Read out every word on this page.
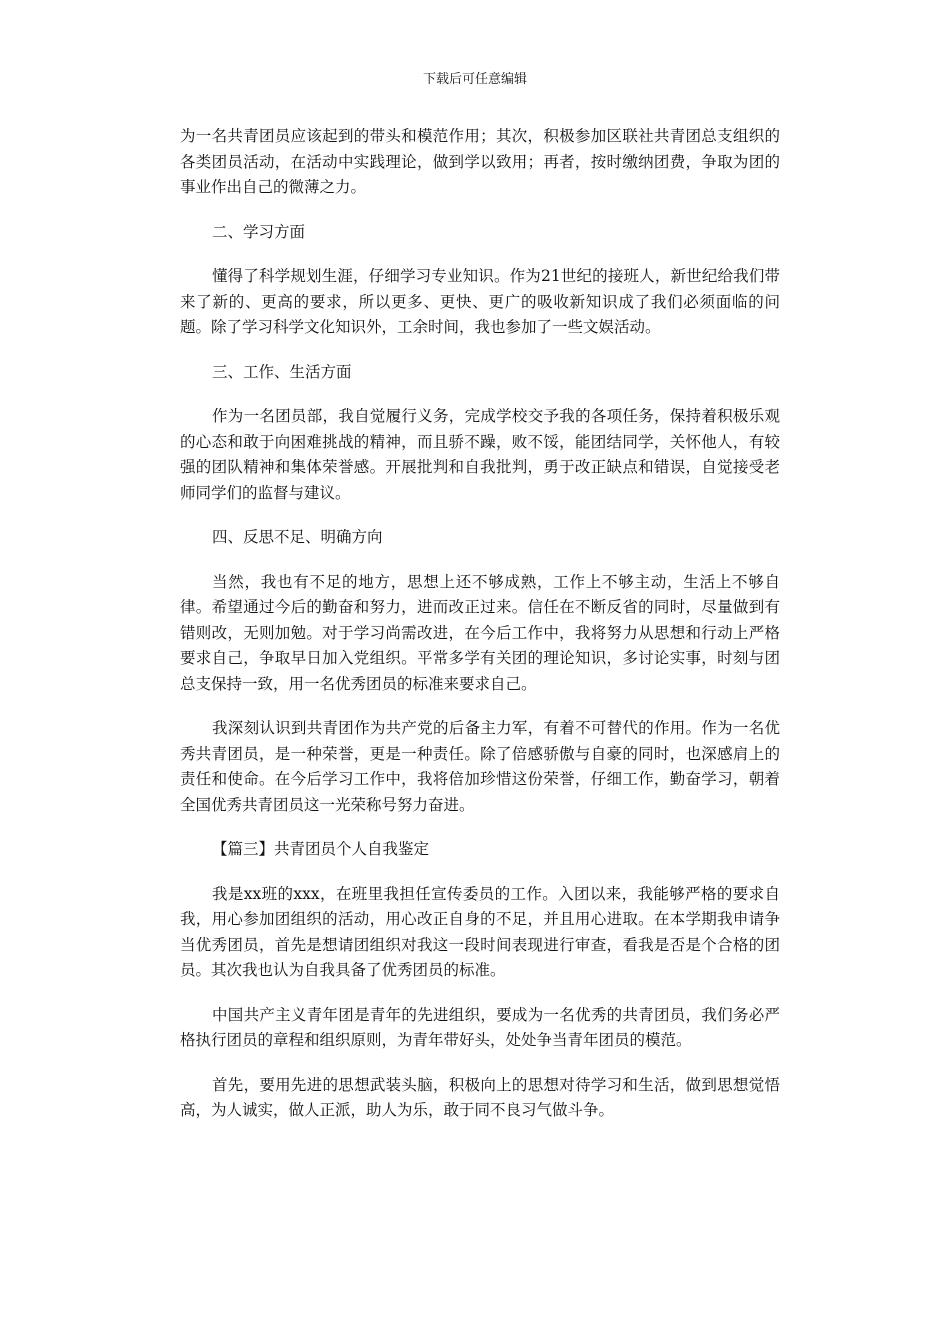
下载后可任意编辑

为一名共青团员应该起到的带头和模范作用；其次，积极参加区联社共青团总支组织的各类团员活动，在活动中实践理论，做到学以致用；再者，按时缴纳团费，争取为团的事业作出自己的微薄之力。

二、学习方面

懂得了科学规划生涯，仔细学习专业知识。作为21世纪的接班人，新世纪给我们带来了新的、更高的要求，所以更多、更快、更广的吸收新知识成了我们必须面临的问题。除了学习科学文化知识外，工余时间，我也参加了一些文娱活动。

三、工作、生活方面

作为一名团员部，我自觉履行义务，完成学校交予我的各项任务，保持着积极乐观的心态和敢于向困难挑战的精神，而且骄不躁，败不馁，能团结同学，关怀他人，有较强的团队精神和集体荣誉感。开展批判和自我批判，勇于改正缺点和错误，自觉接受老师同学们的监督与建议。

四、反思不足、明确方向

当然，我也有不足的地方，思想上还不够成熟，工作上不够主动，生活上不够自律。希望通过今后的勤奋和努力，进而改正过来。信任在不断反省的同时，尽量做到有错则改，无则加勉。对于学习尚需改进，在今后工作中，我将努力从思想和行动上严格要求自己，争取早日加入党组织。平常多学有关团的理论知识，多讨论实事，时刻与团总支保持一致，用一名优秀团员的标准来要求自己。

我深刻认识到共青团作为共产党的后备主力军，有着不可替代的作用。作为一名优秀共青团员，是一种荣誉，更是一种责任。除了倍感骄傲与自豪的同时，也深感肩上的责任和使命。在今后学习工作中，我将倍加珍惜这份荣誉，仔细工作，勤奋学习，朝着全国优秀共青团员这一光荣称号努力奋进。

【篇三】共青团员个人自我鉴定

我是xx班的xxx，在班里我担任宣传委员的工作。入团以来，我能够严格的要求自我，用心参加团组织的活动，用心改正自身的不足，并且用心进取。在本学期我申请争当优秀团员，首先是想请团组织对我这一段时间表现进行审查，看我是否是个合格的团员。其次我也认为自我具备了优秀团员的标准。

中国共产主义青年团是青年的先进组织，要成为一名优秀的共青团员，我们务必严格执行团员的章程和组织原则，为青年带好头，处处争当青年团员的模范。

首先，要用先进的思想武装头脑，积极向上的思想对待学习和生活，做到思想觉悟高，为人诚实，做人正派，助人为乐，敢于同不良习气做斗争。
